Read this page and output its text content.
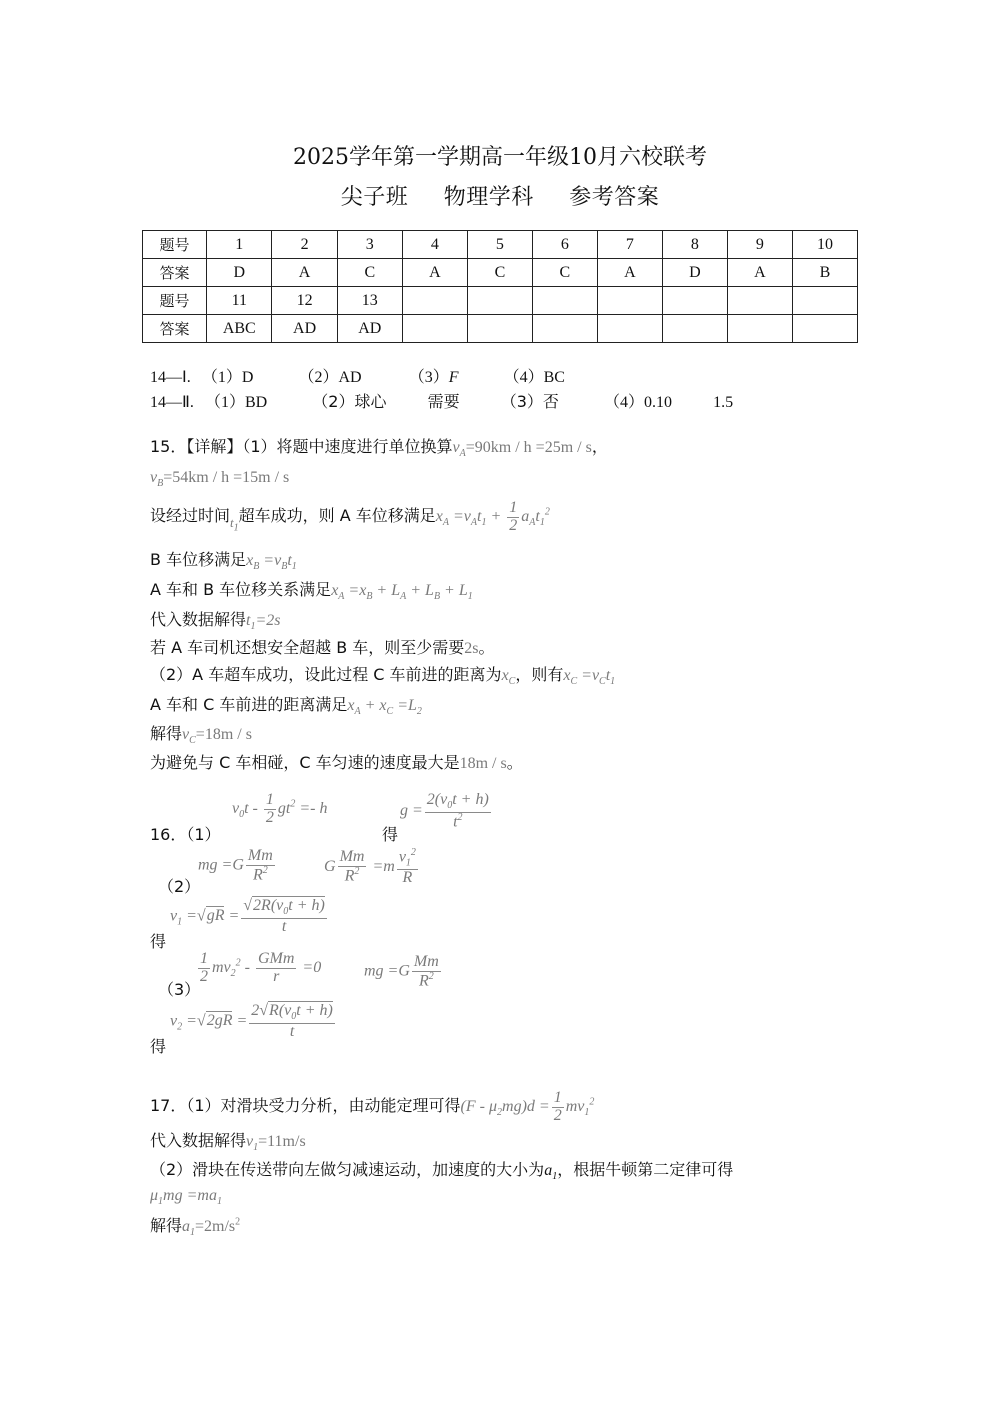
2025学年第一学期高一年级10月六校联考
尖子班 物理学科 参考答案
题号	1	2	3	4	5	6	7	8	9	10
答案	D	A	C	A	C	C	A	D	A	B
题号	11	12	13							
答案	ABC	AD	AD							
14—Ⅰ. （1）D	（2）AD	（3）F	（4）BC
14—Ⅱ. （1）BD	（2）球心	需要	（3）否	（4）0.10	1.5
15．【详解】（1）将题中速度进行单位换算$v_A=90km / h =25m / s$，
$v_B=54km / h =15m / s$
设经过时间$_{t_1}$超车成功，则 A 车位移满足$x_A =v_At_1 + \frac{1}{2} a_At_1^2$
B 车位移满足$x_B =v_Bt_1$
A 车和 B 车位移关系满足$x_A =x_B + L_A + L_B + L_1$
代入数据解得$t_1=2s$
若 A 车司机还想安全超越 B 车，则至少需要2s。
（2）A 车超车成功，设此过程 C 车前进的距离为$x_C$，则有$x_C =v_Ct_1$
A 车和 C 车前进的距离满足$x_A + x_C =L_2$
解得$v_C=18m / s$
为避免与 C 车相碰，C 车匀速的速度最大是18m / s。
16．（1）
$v_0t - \frac{1}{2} gt^2 =- h$
得
$g = \frac{2(v_0t + h)}{t^2}$
（2）
mg $=G \frac{Mm}{R^2}$	G $\frac{Mm}{R^2} =m \frac{v_1^2}{R}$
得
$v_1 =√gR = \frac{√2R(v_0t + h)}{t}$
（3）
$\frac{1}{2} mv_2^2 - \frac{\text{GMm}}{r} =0$	mg $=G \frac{Mm}{R^2}$
得
$v_2 =√2gR = \frac{2√R(v_0t + h)}{t}$
17．（1）对滑块受力分析，由动能定理可得$(F - \mu_2mg)d = \frac{1}{2} mv_1^2$
代入数据解得$v_1=11m/s$
（2）滑块在传送带向左做匀减速运动，加速度的大小为$a_1$，根据牛顿第二定律可得
$\mu_1mg =ma_1$
解得$a_1=2m/s^2$
